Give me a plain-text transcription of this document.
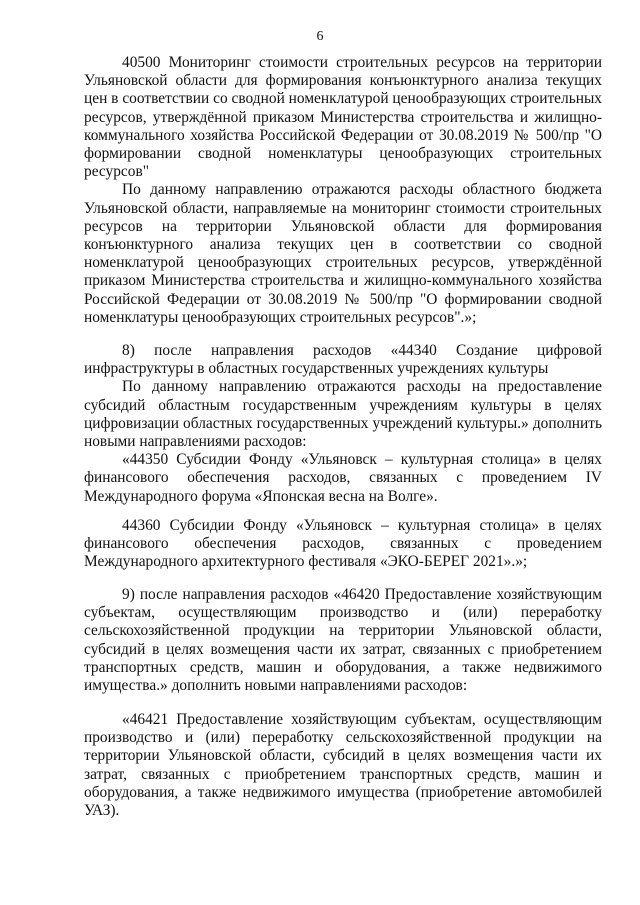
6

40500 Мониторинг стоимости строительных ресурсов на территории Ульяновской области для формирования конъюнктурного анализа текущих цен в соответствии со сводной номенклатурой ценообразующих строительных ресурсов, утверждённой приказом Министерства строительства и жилищно-коммунального хозяйства Российской Федерации от 30.08.2019 № 500/пр "О формировании сводной номенклатуры ценообразующих строительных ресурсов"

По данному направлению отражаются расходы областного бюджета Ульяновской области, направляемые на мониторинг стоимости строительных ресурсов на территории Ульяновской области для формирования конъюнктурного анализа текущих цен в соответствии со сводной номенклатурой ценообразующих строительных ресурсов, утверждённой приказом Министерства строительства и жилищно-коммунального хозяйства Российской Федерации от 30.08.2019 № 500/пр "О формировании сводной номенклатуры ценообразующих строительных ресурсов".»;

8) после направления расходов «44340 Создание цифровой инфраструктуры в областных государственных учреждениях культуры

По данному направлению отражаются расходы на предоставление субсидий областным государственным учреждениям культуры в целях цифровизации областных государственных учреждений культуры.» дополнить новыми направлениями расходов:

«44350 Субсидии Фонду «Ульяновск – культурная столица» в целях финансового обеспечения расходов, связанных с проведением IV Международного форума «Японская весна на Волге».

44360 Субсидии Фонду «Ульяновск – культурная столица» в целях финансового обеспечения расходов, связанных с проведением Международного архитектурного фестиваля «ЭКО-БЕРЕГ 2021».»;

9) после направления расходов «46420 Предоставление хозяйствующим субъектам, осуществляющим производство и (или) переработку сельскохозяйственной продукции на территории Ульяновской области, субсидий в целях возмещения части их затрат, связанных с приобретением транспортных средств, машин и оборудования, а также недвижимого имущества.» дополнить новыми направлениями расходов:

«46421 Предоставление хозяйствующим субъектам, осуществляющим производство и (или) переработку сельскохозяйственной продукции на территории Ульяновской области, субсидий в целях возмещения части их затрат, связанных с приобретением транспортных средств, машин и оборудования, а также недвижимого имущества (приобретение автомобилей УАЗ).
